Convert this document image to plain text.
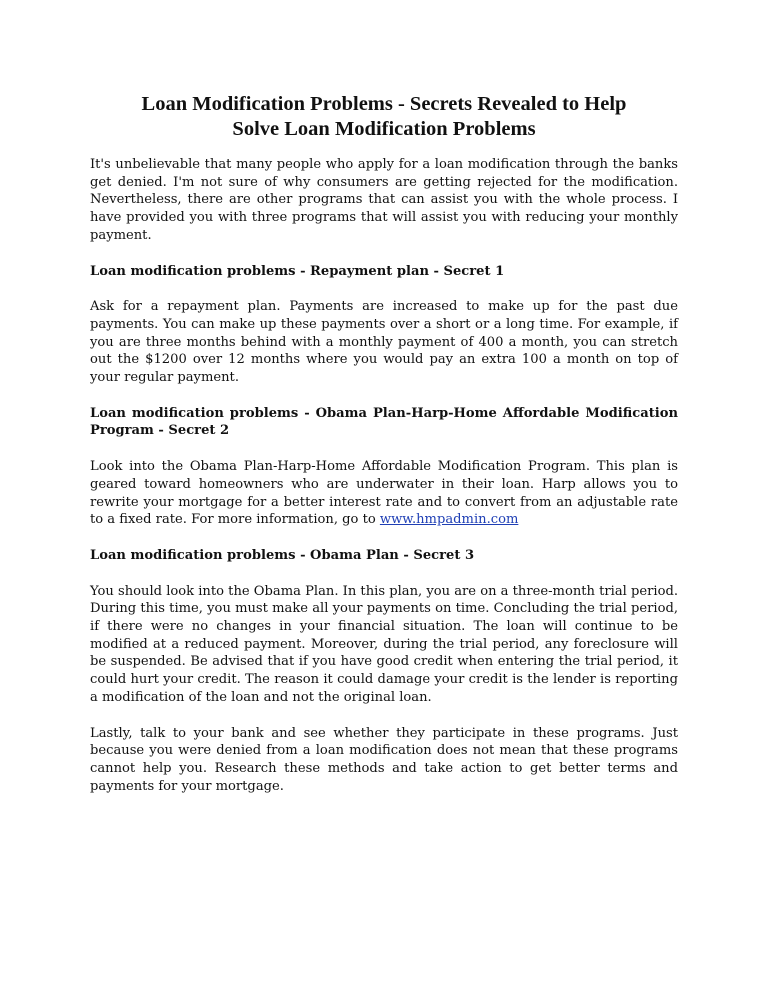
Loan Modification Problems - Secrets Revealed to Help
Solve Loan Modification Problems

It's unbelievable that many people who apply for a loan modification through the banks get denied. I'm not sure of why consumers are getting rejected for the modification. Nevertheless, there are other programs that can assist you with the whole process. I have provided you with three programs that will assist you with reducing your monthly payment.

Loan modification problems - Repayment plan - Secret 1

Ask for a repayment plan. Payments are increased to make up for the past due payments. You can make up these payments over a short or a long time. For example, if you are three months behind with a monthly payment of 400 a month, you can stretch out the $1200 over 12 months where you would pay an extra 100 a month on top of your regular payment.

Loan modification problems - Obama Plan-Harp-Home Affordable Modification Program - Secret 2

Look into the Obama Plan-Harp-Home Affordable Modification Program. This plan is geared toward homeowners who are underwater in their loan. Harp allows you to rewrite your mortgage for a better interest rate and to convert from an adjustable rate to a fixed rate. For more information, go to www.hmpadmin.com

Loan modification problems - Obama Plan - Secret 3

You should look into the Obama Plan. In this plan, you are on a three-month trial period. During this time, you must make all your payments on time. Concluding the trial period, if there were no changes in your financial situation. The loan will continue to be modified at a reduced payment. Moreover, during the trial period, any foreclosure will be suspended. Be advised that if you have good credit when entering the trial period, it could hurt your credit. The reason it could damage your credit is the lender is reporting a modification of the loan and not the original loan.

Lastly, talk to your bank and see whether they participate in these programs. Just because you were denied from a loan modification does not mean that these programs cannot help you. Research these methods and take action to get better terms and payments for your mortgage.
